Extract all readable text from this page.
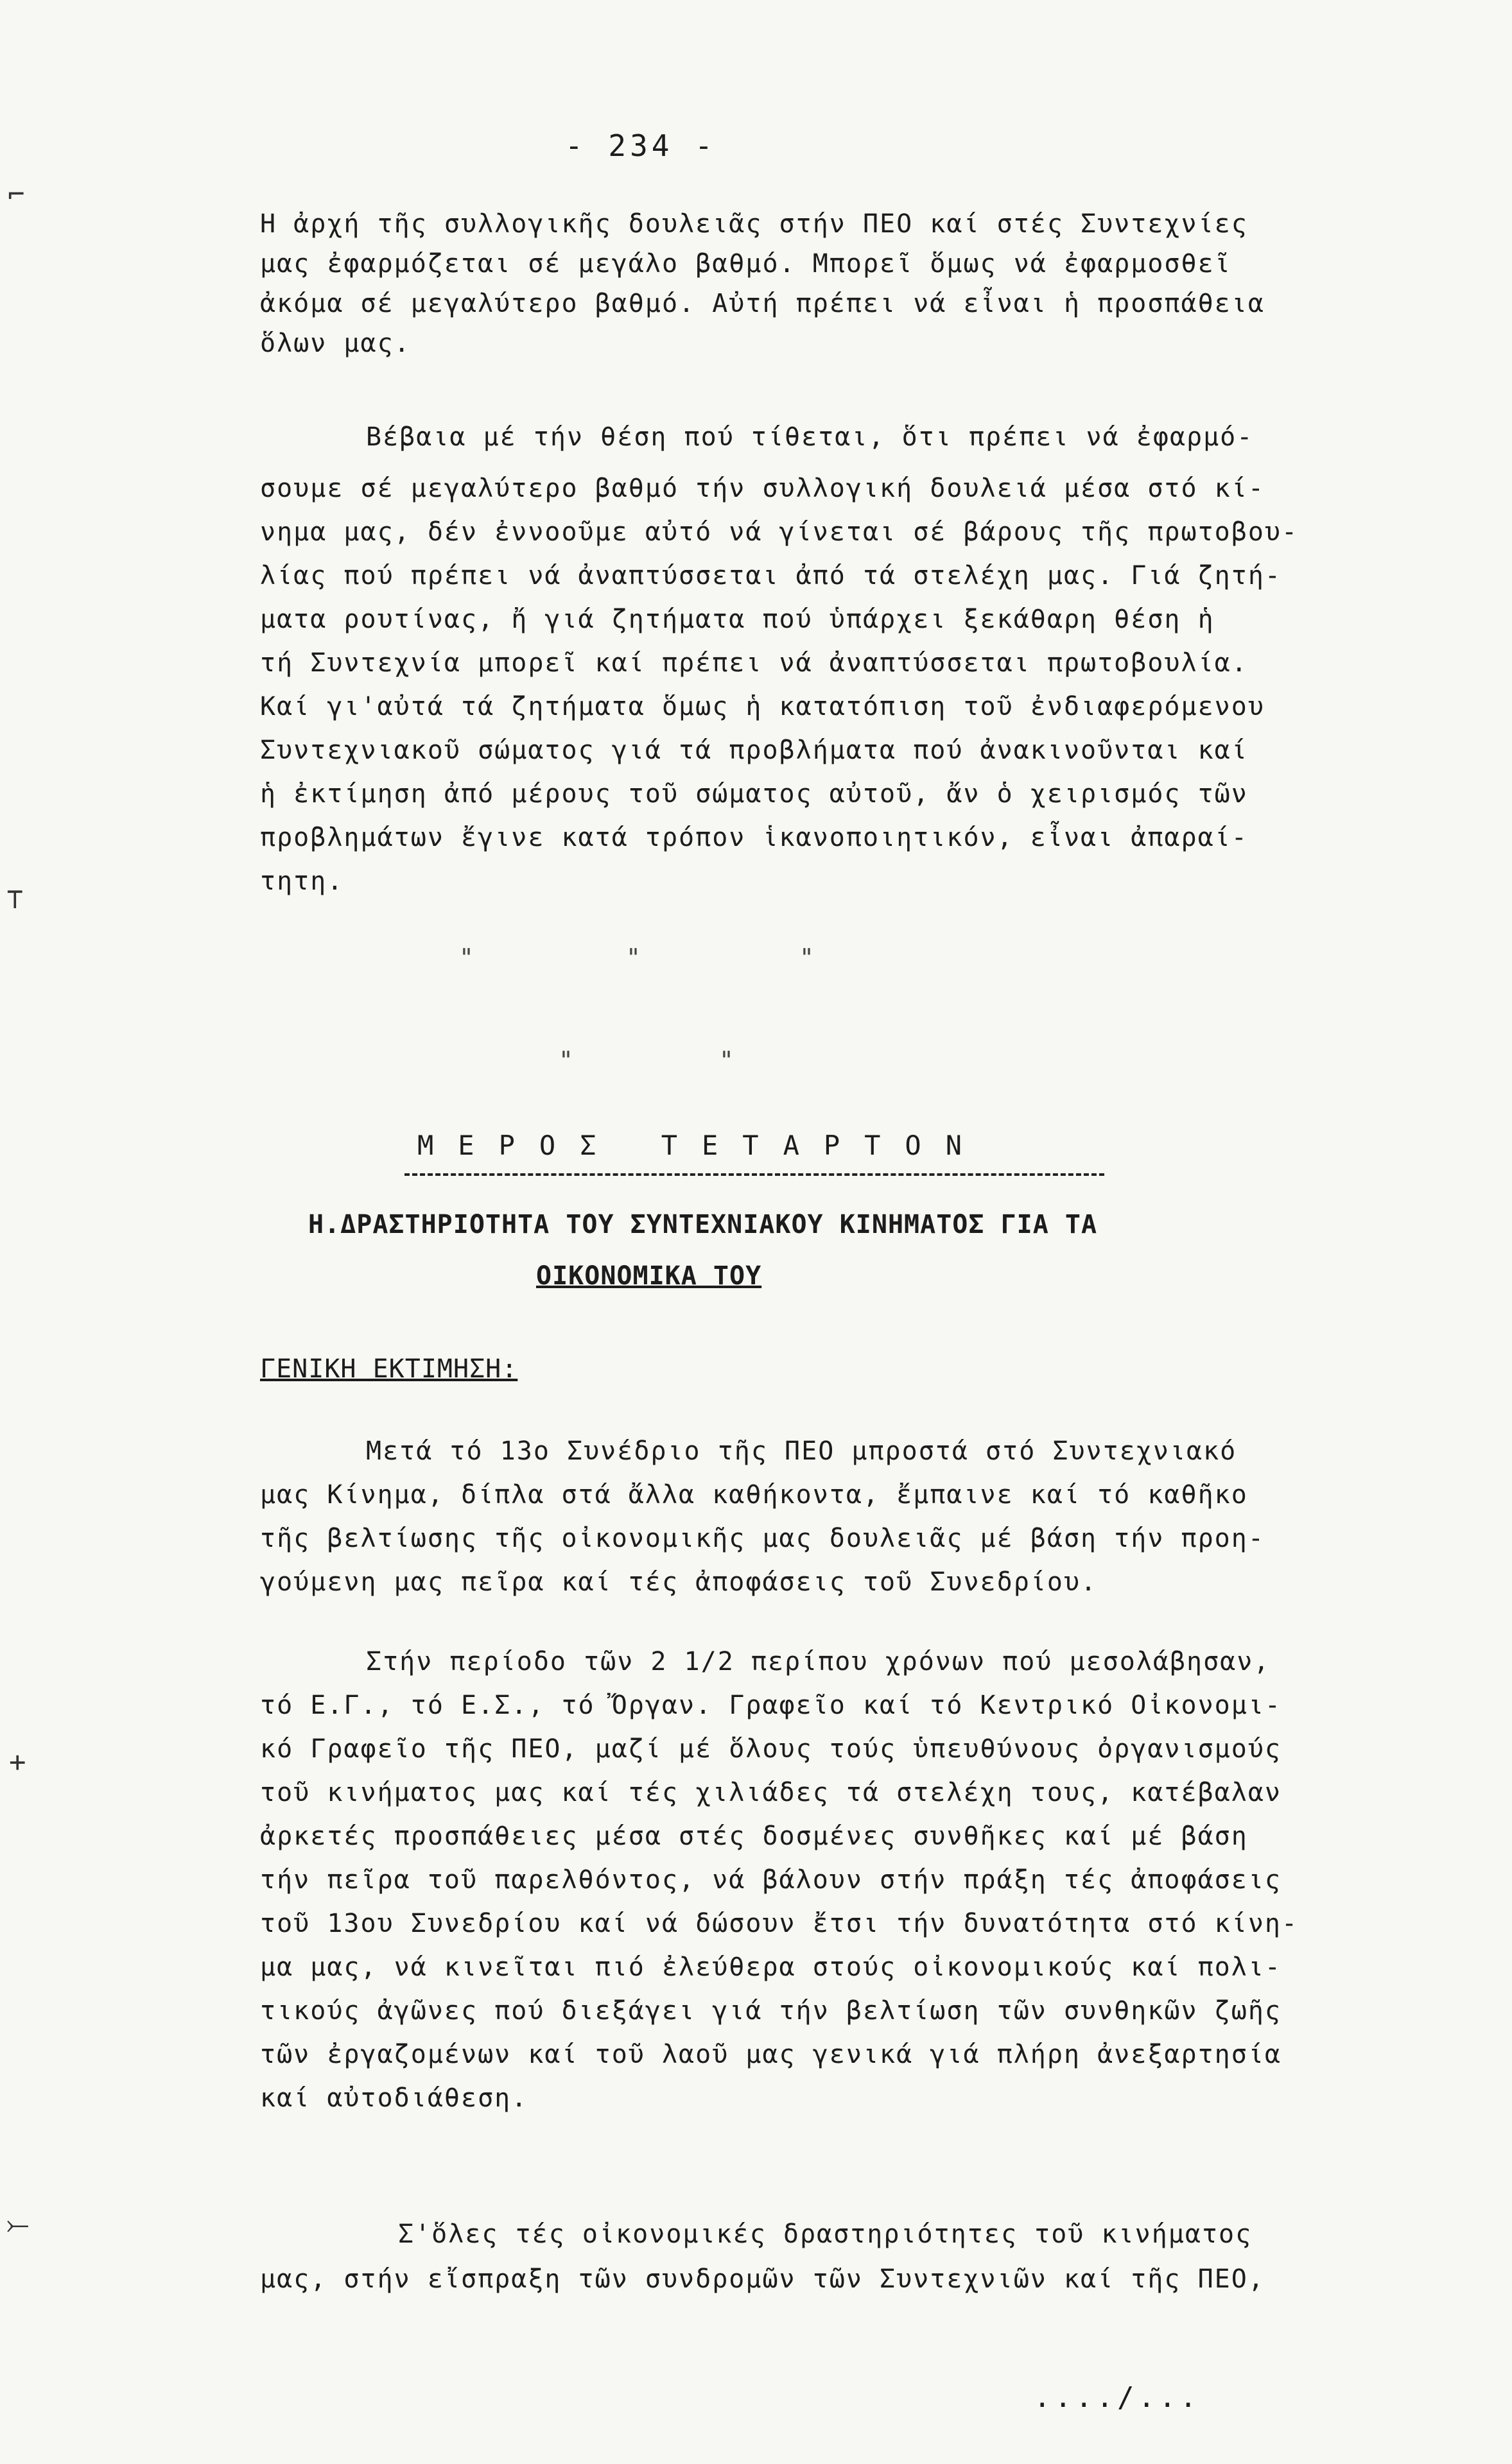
- 234 -
⌐
⊤
+
⤚
Η ἀρχή τῆς συλλογικῆς δουλειᾶς στήν ΠΕΟ καί στές Συντεχνίες
μας ἐφαρμόζεται σέ μεγάλο βαθμό. Μπορεῖ ὅμως νά ἐφαρμοσθεῖ
ἀκόμα σέ μεγαλύτερο βαθμό. Αὐτή πρέπει νά εἶναι ἡ προσπάθεια
ὅλων μας.
Βέβαια μέ τήν θέση πού τίθεται, ὅτι πρέπει νά ἐφαρμό-
σουμε σέ μεγαλύτερο βαθμό τήν συλλογική δουλειά μέσα στό κί-
νημα μας, δέν ἐννοοῦμε αὐτό νά γίνεται σέ βάρους τῆς πρωτοβου-
λίας πού πρέπει νά ἀναπτύσσεται ἀπό τά στελέχη μας. Γιά ζητή-
ματα ρουτίνας, ἤ γιά ζητήματα πού ὑπάρχει ξεκάθαρη θέση ἡ
τή Συντεχνία μπορεῖ καί πρέπει νά ἀναπτύσσεται πρωτοβουλία.
Καί γι'αὐτά τά ζητήματα ὅμως ἡ κατατόπιση τοῦ ἐνδιαφερόμενου
Συντεχνιακοῦ σώματος γιά τά προβλήματα πού ἀνακινοῦνται καί
ἡ ἐκτίμηση ἀπό μέρους τοῦ σώματος αὐτοῦ, ἄν ὁ χειρισμός τῶν
προβλημάτων ἔγινε κατά τρόπον ἱκανοποιητικόν, εἶναι ἀπαραί-
τητη.
"	"	"
"	"
ΜΕΡΟΣ ΤΕΤΑΡΤΟΝ
Η.ΔΡΑΣΤΗΡΙΟΤΗΤΑ ΤΟΥ ΣΥΝΤΕΧΝΙΑΚΟΥ ΚΙΝΗΜΑΤΟΣ ΓΙΑ ΤΑ
ΟΙΚΟΝΟΜΙΚΑ ΤΟΥ
ΓΕΝΙΚΗ ΕΚΤΙΜΗΣΗ:
Μετά τό 13ο Συνέδριο τῆς ΠΕΟ μπροστά στό Συντεχνιακό
μας Κίνημα, δίπλα στά ἄλλα καθήκοντα, ἔμπαινε καί τό καθῆκο
τῆς βελτίωσης τῆς οἰκονομικῆς μας δουλειᾶς μέ βάση τήν προη-
γούμενη μας πεῖρα καί τές ἀποφάσεις τοῦ Συνεδρίου.
Στήν περίοδο τῶν 2 1/2 περίπου χρόνων πού μεσολάβησαν,
τό Ε.Γ., τό Ε.Σ., τό Ὄργαν. Γραφεῖο καί τό Κεντρικό Οἰκονομι-
κό Γραφεῖο τῆς ΠΕΟ, μαζί μέ ὅλους τούς ὑπευθύνους ὀργανισμούς
τοῦ κινήματος μας καί τές χιλιάδες τά στελέχη τους, κατέβαλαν
ἀρκετές προσπάθειες μέσα στές δοσμένες συνθῆκες καί μέ βάση
τήν πεῖρα τοῦ παρελθόντος, νά βάλουν στήν πράξη τές ἀποφάσεις
τοῦ 13ου Συνεδρίου καί νά δώσουν ἔτσι τήν δυνατότητα στό κίνη-
μα μας, νά κινεῖται πιό ἐλεύθερα στούς οἰκονομικούς καί πολι-
τικούς ἀγῶνες πού διεξάγει γιά τήν βελτίωση τῶν συνθηκῶν ζωῆς
τῶν ἐργαζομένων καί τοῦ λαοῦ μας γενικά γιά πλήρη ἀνεξαρτησία
καί αὐτοδιάθεση.
Σ'ὅλες τές οἰκονομικές δραστηριότητες τοῦ κινήματος
μας, στήν εἴσπραξη τῶν συνδρομῶν τῶν Συντεχνιῶν καί τῆς ΠΕΟ,
..../...
